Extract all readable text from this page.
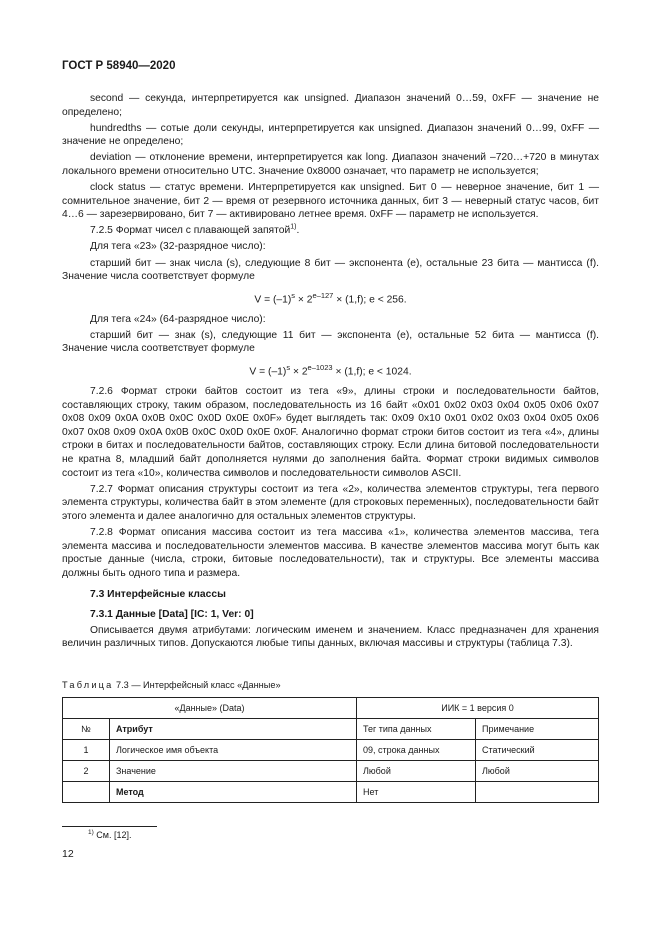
ГОСТ Р 58940—2020

second — секунда, интерпретируется как unsigned. Диапазон значений 0…59, 0xFF — значение не определено;

hundredths — сотые доли секунды, интерпретируется как unsigned. Диапазон значений 0…99, 0xFF — значение не определено;

deviation — отклонение времени, интерпретируется как long. Диапазон значений –720…+720 в минутах локального времени относительно UTC. Значение 0x8000 означает, что параметр не используется;

clock status — статус времени. Интерпретируется как unsigned. Бит 0 — неверное значение, бит 1 — сомнительное значение, бит 2 — время от резервного источника данных, бит 3 — неверный статус часов, бит 4…6 — зарезервировано, бит 7 — активировано летнее время. 0xFF — параметр не используется.

7.2.5 Формат чисел с плавающей запятой$^{1)}$.

Для тега «23» (32-разрядное число):

старший бит — знак числа (s), следующие 8 бит — экспонента (e), остальные 23 бита — мантисса (f). Значение числа соответствует формуле

$V = (-1)^s \times 2^{e-127} \times (1,f)$; e < 256.

Для тега «24» (64-разрядное число):

старший бит — знак (s), следующие 11 бит — экспонента (e), остальные 52 бита — мантисса (f). Значение числа соответствует формуле

$V = (-1)^s \times 2^{e-1023} \times (1,f)$; e < 1024.

7.2.6 Формат строки байтов состоит из тега «9», длины строки и последовательности байтов, составляющих строку, таким образом, последовательность из 16 байт «0x01 0x02 0x03 0x04 0x05 0x06 0x07 0x08 0x09 0x0A 0x0B 0x0C 0x0D 0x0E 0x0F» будет выглядеть так: 0x09 0x10 0x01 0x02 0x03 0x04 0x05 0x06 0x07 0x08 0x09 0x0A 0x0B 0x0C 0x0D 0x0E 0x0F. Аналогично формат строки битов состоит из тега «4», длины строки в битах и последовательности байтов, составляющих строку. Если длина битовой последовательности не кратна 8, младший байт дополняется нулями до заполнения байта. Формат строки видимых символов состоит из тега «10», количества символов и последовательности символов ASCII.

7.2.7 Формат описания структуры состоит из тега «2», количества элементов структуры, тега первого элемента структуры, количества байт в этом элементе (для строковых переменных), последовательности байт этого элемента и далее аналогично для остальных элементов структуры.

7.2.8 Формат описания массива состоит из тега массива «1», количества элементов массива, тега элемента массива и последовательности элементов массива. В качестве элементов массива могут быть как простые данные (числа, строки, битовые последовательности), так и структуры. Все элементы массива должны быть одного типа и размера.

7.3 Интерфейсные классы
7.3.1 Данные [Data] [IC: 1, Ver: 0]

Описывается двумя атрибутами: логическим именем и значением. Класс предназначен для хранения величин различных типов. Допускаются любые типы данных, включая массивы и структуры (таблица 7.3).

Таблица 7.3 — Интерфейсный класс «Данные»
«Данные» (Data)		ИИК = 1 версия 0	
№	Атрибут	Тег типа данных	Примечание
1	Логическое имя объекта	09, строка данных	Статический
2	Значение	Любой	Любой
	Метод	Нет	
$^{1)}$ См. [12].
12
